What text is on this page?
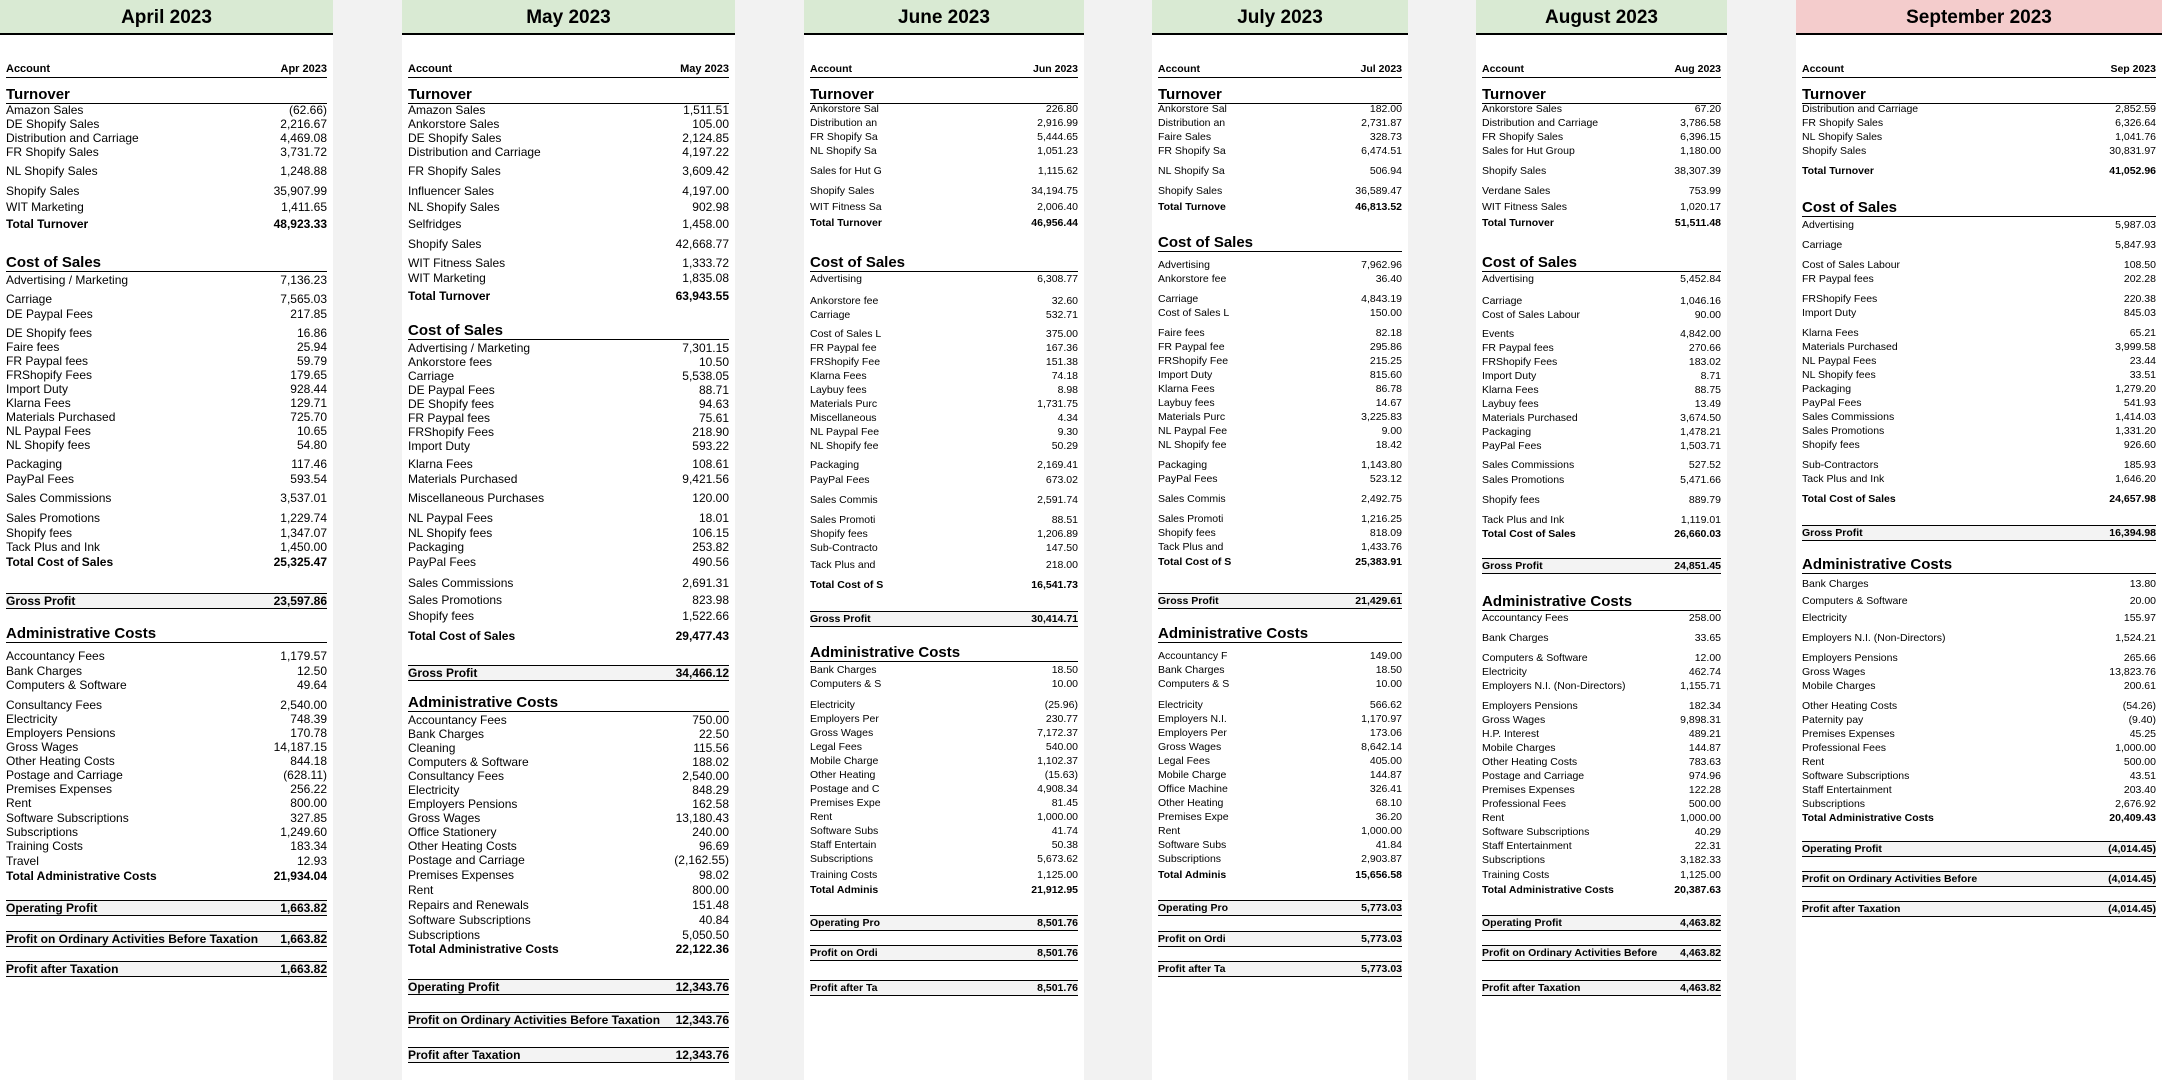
April 2023
Account	Apr 2023
Turnover
Amazon Sales	(62.66)
DE Shopify Sales	2,216.67
Distribution and Carriage	4,469.08
FR Shopify Sales	3,731.72
NL Shopify Sales	1,248.88
Shopify Sales	35,907.99
WIT Marketing	1,411.65
Total Turnover	48,923.33
Cost of Sales
Advertising / Marketing	7,136.23
Carriage	7,565.03
DE Paypal Fees	217.85
DE Shopify fees	16.86
Faire fees	25.94
FR Paypal fees	59.79
FRShopify Fees	179.65
Import Duty	928.44
Klarna Fees	129.71
Materials Purchased	725.70
NL Paypal Fees	10.65
NL Shopify fees	54.80
Packaging	117.46
PayPal Fees	593.54
Sales Commissions	3,537.01
Sales Promotions	1,229.74
Shopify fees	1,347.07
Tack Plus and Ink	1,450.00
Total Cost of Sales	25,325.47
Gross Profit	23,597.86
Administrative Costs
Accountancy Fees	1,179.57
Bank Charges	12.50
Computers & Software	49.64
Consultancy Fees	2,540.00
Electricity	748.39
Employers Pensions	170.78
Gross Wages	14,187.15
Other Heating Costs	844.18
Postage and Carriage	(628.11)
Premises Expenses	256.22
Rent	800.00
Software Subscriptions	327.85
Subscriptions	1,249.60
Training Costs	183.34
Travel	12.93
Total Administrative Costs	21,934.04
Operating Profit	1,663.82
Profit on Ordinary Activities Before Taxation	1,663.82
Profit after Taxation	1,663.82
May 2023
Account	May 2023
Turnover
Amazon Sales	1,511.51
Ankorstore Sales	105.00
DE Shopify Sales	2,124.85
Distribution and Carriage	4,197.22
FR Shopify Sales	3,609.42
Influencer Sales	4,197.00
NL Shopify Sales	902.98
Selfridges	1,458.00
Shopify Sales	42,668.77
WIT Fitness Sales	1,333.72
WIT Marketing	1,835.08
Total Turnover	63,943.55
Cost of Sales
Advertising / Marketing	7,301.15
Ankorstore fees	10.50
Carriage	5,538.05
DE Paypal Fees	88.71
DE Shopify fees	94.63
FR Paypal fees	75.61
FRShopify Fees	218.90
Import Duty	593.22
Klarna Fees	108.61
Materials Purchased	9,421.56
Miscellaneous Purchases	120.00
NL Paypal Fees	18.01
NL Shopify fees	106.15
Packaging	253.82
PayPal Fees	490.56
Sales Commissions	2,691.31
Sales Promotions	823.98
Shopify fees	1,522.66
Total Cost of Sales	29,477.43
Gross Profit	34,466.12
Administrative Costs
Accountancy Fees	750.00
Bank Charges	22.50
Cleaning	115.56
Computers & Software	188.02
Consultancy Fees	2,540.00
Electricity	848.29
Employers Pensions	162.58
Gross Wages	13,180.43
Office Stationery	240.00
Other Heating Costs	96.69
Postage and Carriage	(2,162.55)
Premises Expenses	98.02
Rent	800.00
Repairs and Renewals	151.48
Software Subscriptions	40.84
Subscriptions	5,050.50
Total Administrative Costs	22,122.36
Operating Profit	12,343.76
Profit on Ordinary Activities Before Taxation	12,343.76
Profit after Taxation	12,343.76
June 2023
Account	Jun 2023
Turnover
Ankorstore Sal	226.80
Distribution an	2,916.99
FR Shopify Sa	5,444.65
NL Shopify Sa	1,051.23
Sales for Hut G	1,115.62
Shopify Sales	34,194.75
WIT Fitness Sa	2,006.40
Total Turnover	46,956.44
Cost of Sales
Advertising	6,308.77
Ankorstore fee	32.60
Carriage	532.71
Cost of Sales L	375.00
FR Paypal fee	167.36
FRShopify Fee	151.38
Klarna Fees	74.18
Laybuy fees	8.98
Materials Purc	1,731.75
Miscellaneous	4.34
NL Paypal Fee	9.30
NL Shopify fee	50.29
Packaging	2,169.41
PayPal Fees	673.02
Sales Commis	2,591.74
Sales Promoti	88.51
Shopify fees	1,206.89
Sub-Contracto	147.50
Tack Plus and	218.00
Total Cost of S	16,541.73
Gross Profit	30,414.71
Administrative Costs
Bank Charges	18.50
Computers & S	10.00
Electricity	(25.96)
Employers Per	230.77
Gross Wages	7,172.37
Legal Fees	540.00
Mobile Charge	1,102.37
Other Heating	(15.63)
Postage and C	4,908.34
Premises Expe	81.45
Rent	1,000.00
Software Subs	41.74
Staff Entertain	50.38
Subscriptions	5,673.62
Training Costs	1,125.00
Total Adminis	21,912.95
Operating Pro	8,501.76
Profit on Ordi	8,501.76
Profit after Ta	8,501.76
July 2023
Account	Jul 2023
Turnover
Ankorstore Sal	182.00
Distribution an	2,731.87
Faire Sales	328.73
FR Shopify Sa	6,474.51
NL Shopify Sa	506.94
Shopify Sales	36,589.47
Total Turnove	46,813.52
Cost of Sales
Advertising	7,962.96
Ankorstore fee	36.40
Carriage	4,843.19
Cost of Sales L	150.00
Faire fees	82.18
FR Paypal fee	295.86
FRShopify Fee	215.25
Import Duty	815.60
Klarna Fees	86.78
Laybuy fees	14.67
Materials Purc	3,225.83
NL Paypal Fee	9.00
NL Shopify fee	18.42
Packaging	1,143.80
PayPal Fees	523.12
Sales Commis	2,492.75
Sales Promoti	1,216.25
Shopify fees	818.09
Tack Plus and	1,433.76
Total Cost of S	25,383.91
Gross Profit	21,429.61
Administrative Costs
Accountancy F	149.00
Bank Charges	18.50
Computers & S	10.00
Electricity	566.62
Employers N.I.	1,170.97
Employers Per	173.06
Gross Wages	8,642.14
Legal Fees	405.00
Mobile Charge	144.87
Office Machine	326.41
Other Heating	68.10
Premises Expe	36.20
Rent	1,000.00
Software Subs	41.84
Subscriptions	2,903.87
Total Adminis	15,656.58
Operating Pro	5,773.03
Profit on Ordi	5,773.03
Profit after Ta	5,773.03
August 2023
Account	Aug 2023
Turnover
Ankorstore Sales	67.20
Distribution and Carriage	3,786.58
FR Shopify Sales	6,396.15
Sales for Hut Group	1,180.00
Shopify Sales	38,307.39
Verdane Sales	753.99
WIT Fitness Sales	1,020.17
Total Turnover	51,511.48
Cost of Sales
Advertising	5,452.84
Carriage	1,046.16
Cost of Sales Labour	90.00
Events	4,842.00
FR Paypal fees	270.66
FRShopify Fees	183.02
Import Duty	8.71
Klarna Fees	88.75
Laybuy fees	13.49
Materials Purchased	3,674.50
Packaging	1,478.21
PayPal Fees	1,503.71
Sales Commissions	527.52
Sales Promotions	5,471.66
Shopify fees	889.79
Tack Plus and Ink	1,119.01
Total Cost of Sales	26,660.03
Gross Profit	24,851.45
Administrative Costs
Accountancy Fees	258.00
Bank Charges	33.65
Computers & Software	12.00
Electricity	462.74
Employers N.I. (Non-Directors)	1,155.71
Employers Pensions	182.34
Gross Wages	9,898.31
H.P. Interest	489.21
Mobile Charges	144.87
Other Heating Costs	783.63
Postage and Carriage	974.96
Premises Expenses	122.28
Professional Fees	500.00
Rent	1,000.00
Software Subscriptions	40.29
Staff Entertainment	22.31
Subscriptions	3,182.33
Training Costs	1,125.00
Total Administrative Costs	20,387.63
Operating Profit	4,463.82
Profit on Ordinary Activities Before	4,463.82
Profit after Taxation	4,463.82
September 2023
Account	Sep 2023
Turnover
Distribution and Carriage	2,852.59
FR Shopify Sales	6,326.64
NL Shopify Sales	1,041.76
Shopify Sales	30,831.97
Total Turnover	41,052.96
Cost of Sales
Advertising	5,987.03
Carriage	5,847.93
Cost of Sales Labour	108.50
FR Paypal fees	202.28
FRShopify Fees	220.38
Import Duty	845.03
Klarna Fees	65.21
Materials Purchased	3,999.58
NL Paypal Fees	23.44
NL Shopify fees	33.51
Packaging	1,279.20
PayPal Fees	541.93
Sales Commissions	1,414.03
Sales Promotions	1,331.20
Shopify fees	926.60
Sub-Contractors	185.93
Tack Plus and Ink	1,646.20
Total Cost of Sales	24,657.98
Gross Profit	16,394.98
Administrative Costs
Bank Charges	13.80
Computers & Software	20.00
Electricity	155.97
Employers N.I. (Non-Directors)	1,524.21
Employers Pensions	265.66
Gross Wages	13,823.76
Mobile Charges	200.61
Other Heating Costs	(54.26)
Paternity pay	(9.40)
Premises Expenses	45.25
Professional Fees	1,000.00
Rent	500.00
Software Subscriptions	43.51
Staff Entertainment	203.40
Subscriptions	2,676.92
Total Administrative Costs	20,409.43
Operating Profit	(4,014.45)
Profit on Ordinary Activities Before	(4,014.45)
Profit after Taxation	(4,014.45)
